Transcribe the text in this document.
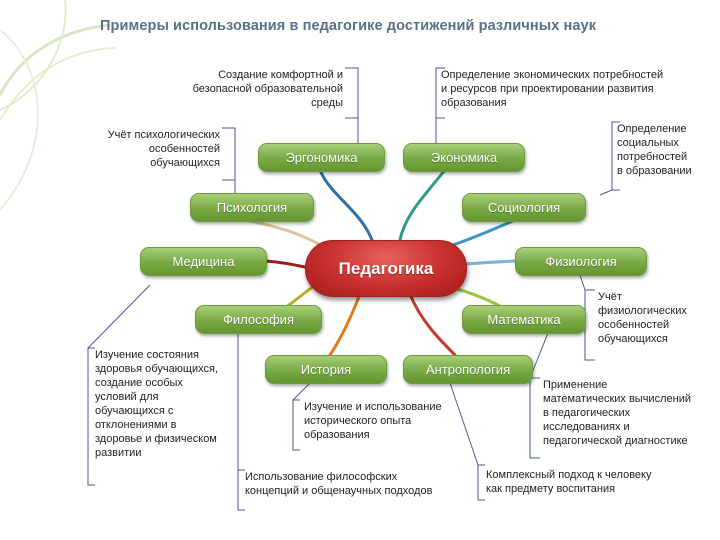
Примеры использования в педагогике достижений различных наук
Педагогика
Эргономика	Экономика
Психология	Социология
Медицина	Физиология
Философия	Математика
История	Антропология
Создание комфортной и
безопасной образовательной
среды
Определение экономических потребностей
и ресурсов при проектировании развития
образования
Определение
социальных
потребностей
в образовании
Учёт психологических
особенностей
обучающихся
Учёт
физиологических
особенностей
обучающихся
Изучение состояния
здоровья обучающихся,
создание особых
условий для
обучающихся с
отклонениями в
здоровье и физическом
развитии
Применение
математических вычислений
в педагогических
исследованиях и
педагогической диагностике
Изучение и использование
исторического опыта
образования
Использование философских
концепций и общенаучных подходов
Комплексный подход к человеку
как предмету воспитания
